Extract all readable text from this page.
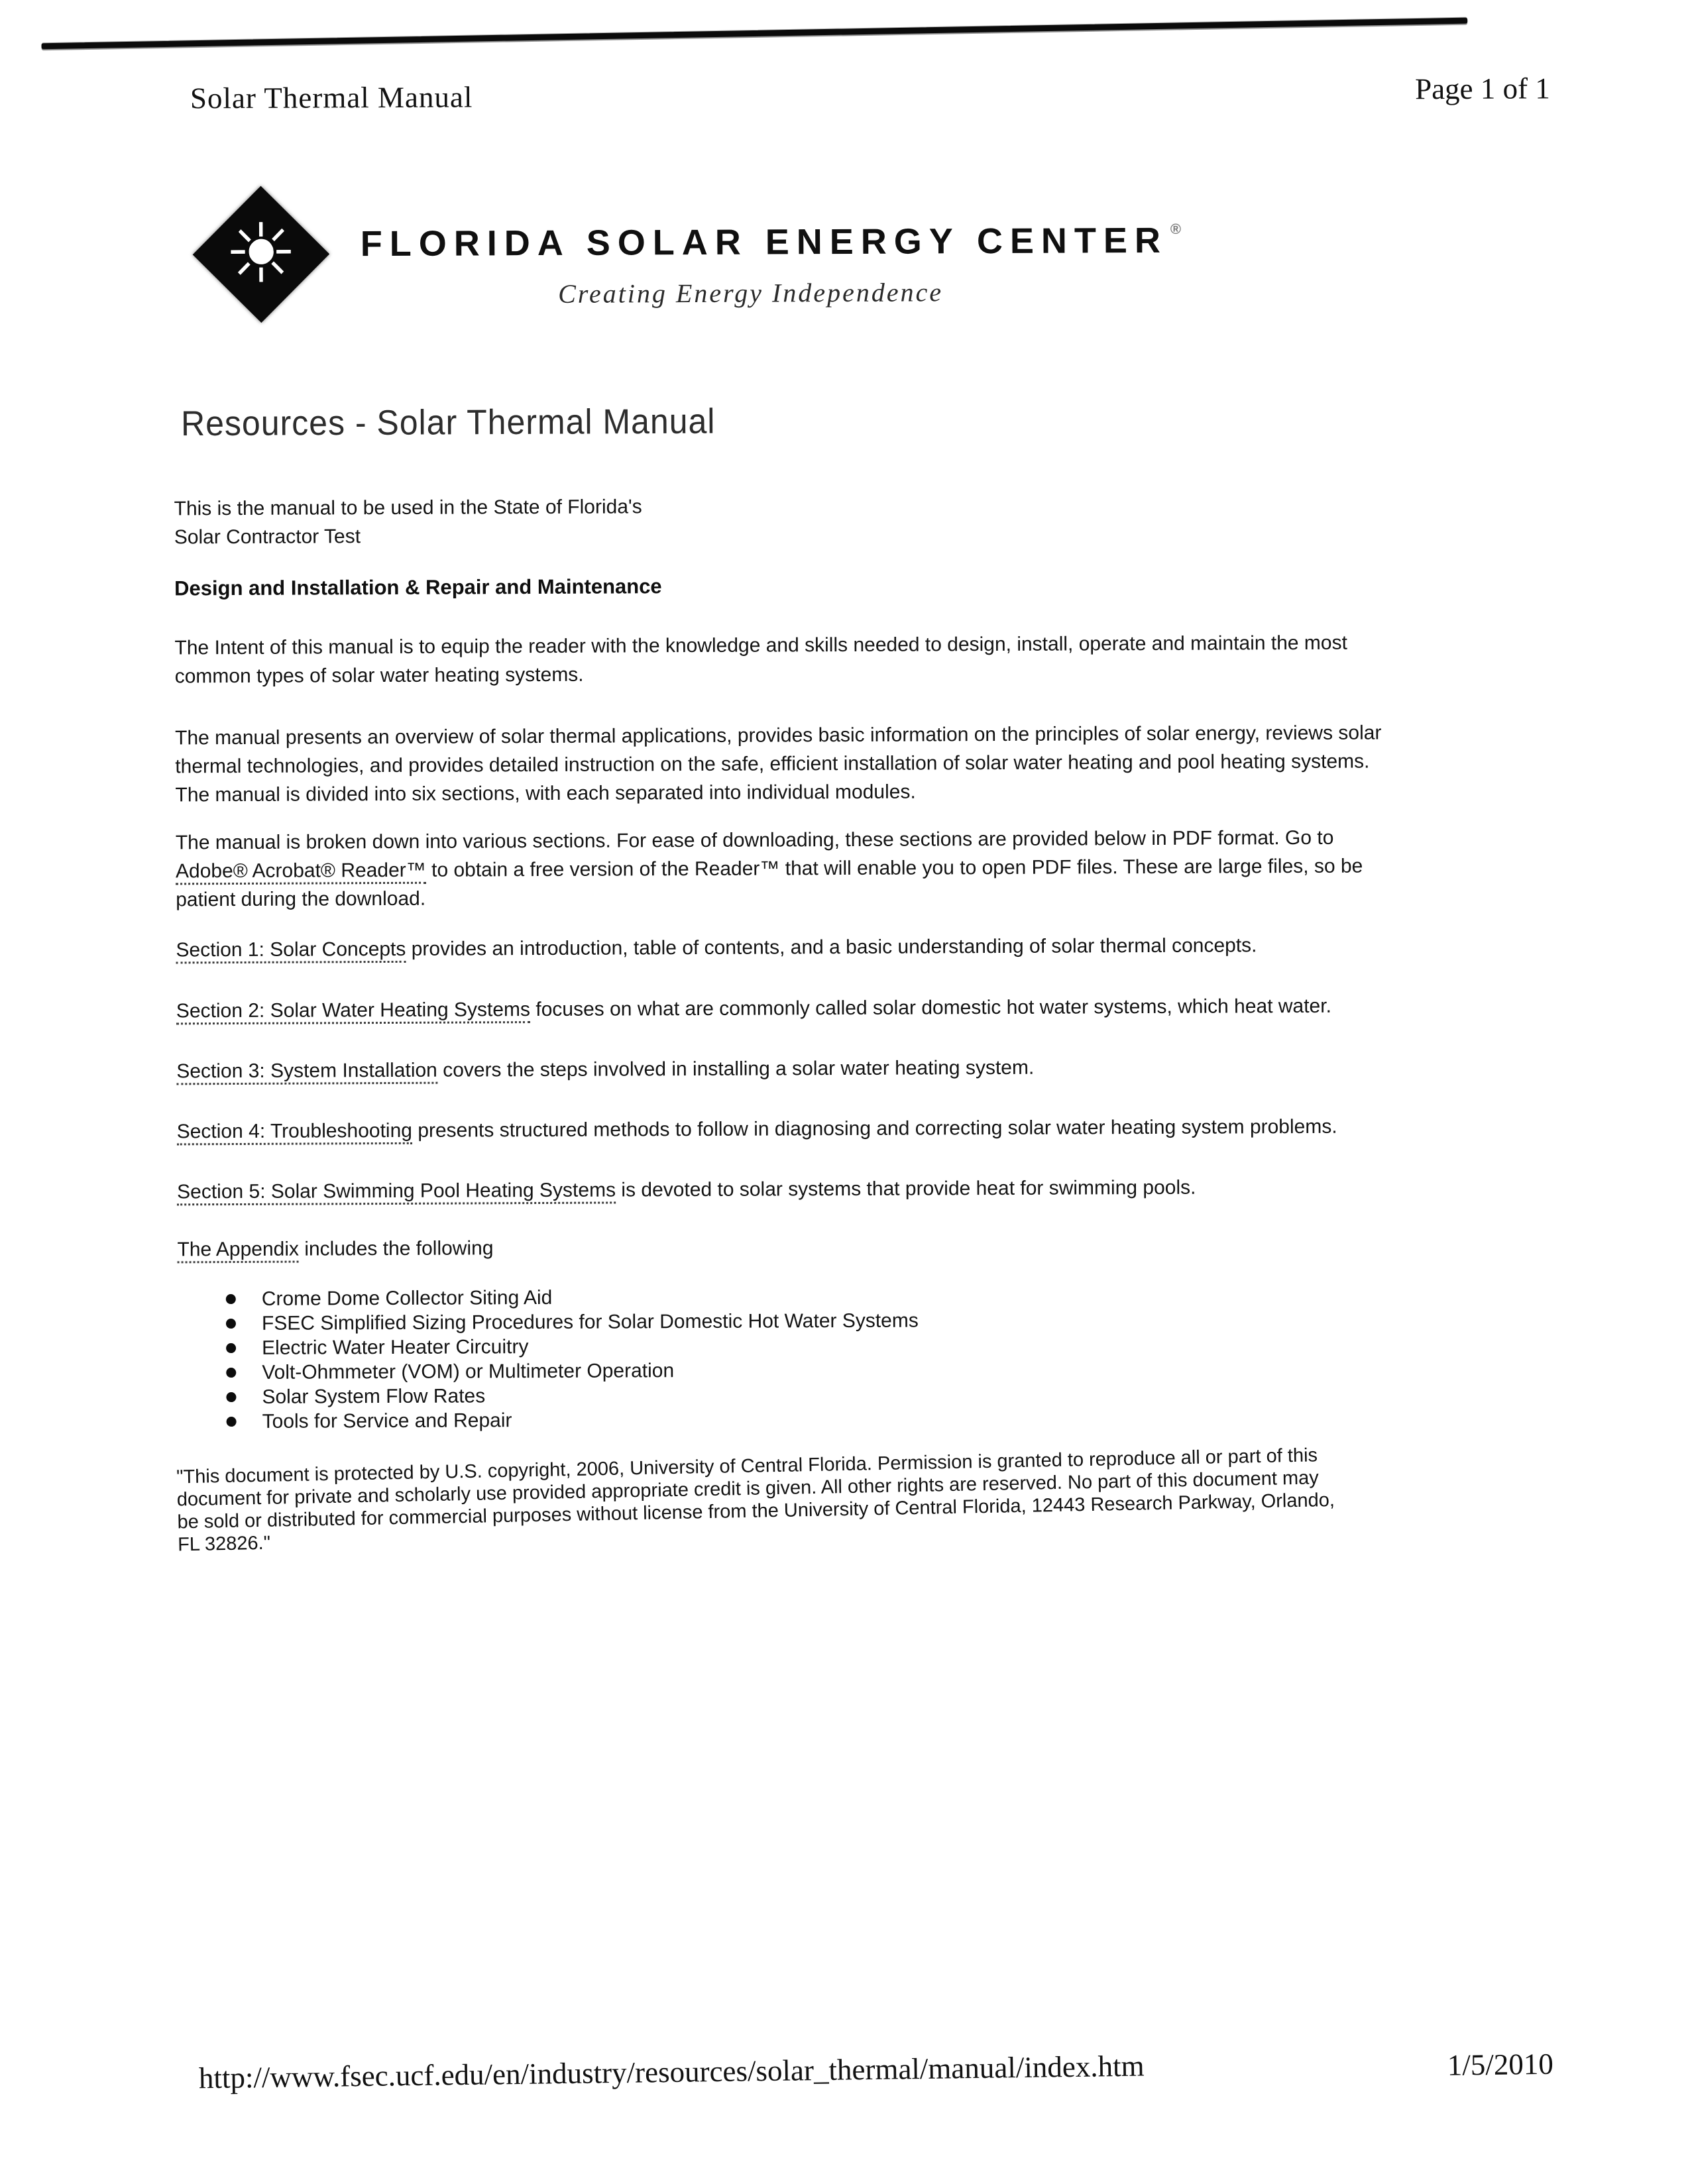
Solar Thermal Manual	Page 1 of 1
☀ FLORIDA SOLAR ENERGY CENTER ®
Creating Energy Independence
Resources - Solar Thermal Manual
This is the manual to be used in the State of Florida's
Solar Contractor Test
Design and Installation & Repair and Maintenance
The Intent of this manual is to equip the reader with the knowledge and skills needed to design, install, operate and maintain the most
common types of solar water heating systems.
The manual presents an overview of solar thermal applications, provides basic information on the principles of solar energy, reviews solar
thermal technologies, and provides detailed instruction on the safe, efficient installation of solar water heating and pool heating systems.
The manual is divided into six sections, with each separated into individual modules.
The manual is broken down into various sections. For ease of downloading, these sections are provided below in PDF format. Go to
Adobe® Acrobat® Reader™ to obtain a free version of the Reader™ that will enable you to open PDF files. These are large files, so be
patient during the download.
Section 1: Solar Concepts provides an introduction, table of contents, and a basic understanding of solar thermal concepts.
Section 2: Solar Water Heating Systems focuses on what are commonly called solar domestic hot water systems, which heat water.
Section 3: System Installation covers the steps involved in installing a solar water heating system.
Section 4: Troubleshooting presents structured methods to follow in diagnosing and correcting solar water heating system problems.
Section 5: Solar Swimming Pool Heating Systems is devoted to solar systems that provide heat for swimming pools.
The Appendix includes the following
Crome Dome Collector Siting Aid
FSEC Simplified Sizing Procedures for Solar Domestic Hot Water Systems
Electric Water Heater Circuitry
Volt-Ohmmeter (VOM) or Multimeter Operation
Solar System Flow Rates
Tools for Service and Repair
"This document is protected by U.S. copyright, 2006, University of Central Florida. Permission is granted to reproduce all or part of this
document for private and scholarly use provided appropriate credit is given. All other rights are reserved. No part of this document may
be sold or distributed for commercial purposes without license from the University of Central Florida, 12443 Research Parkway, Orlando,
FL 32826."
http://www.fsec.ucf.edu/en/industry/resources/solar_thermal/manual/index.htm	1/5/2010
